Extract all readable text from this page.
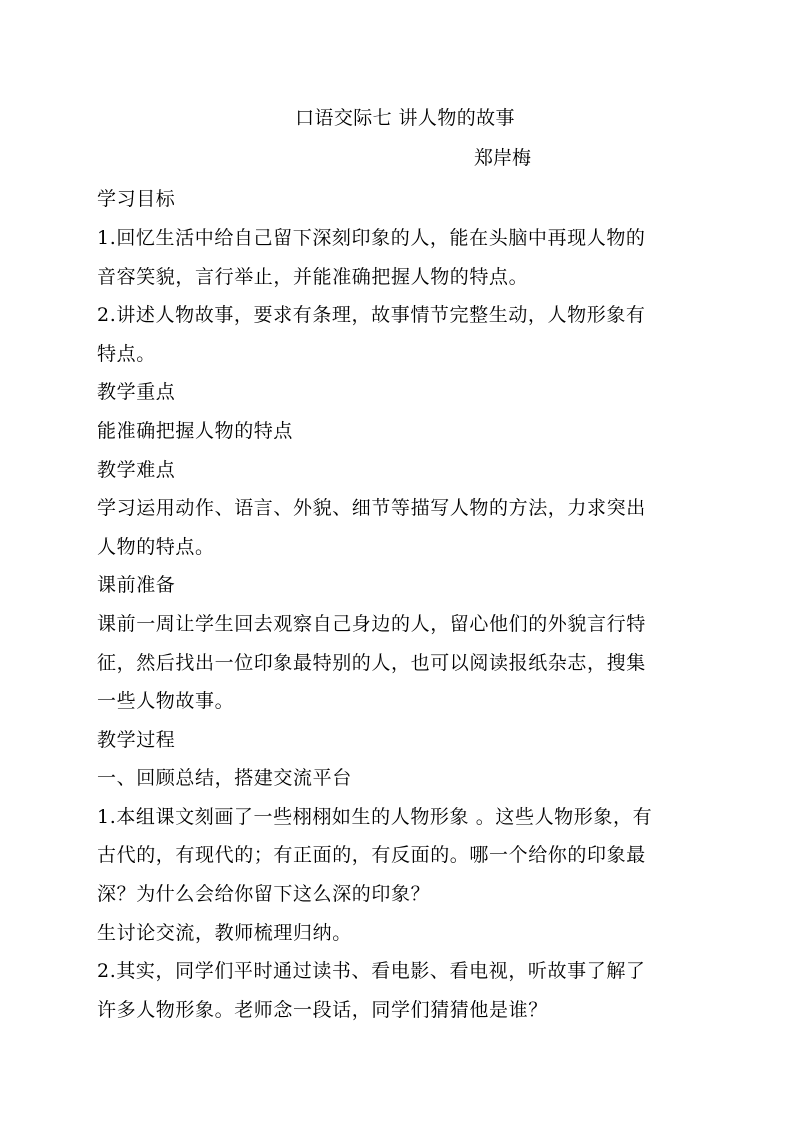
口语交际七 讲人物的故事
郑岸梅
学习目标
1.回忆生活中给自己留下深刻印象的人，能在头脑中再现人物的
音容笑貌，言行举止，并能准确把握人物的特点。
2.讲述人物故事，要求有条理，故事情节完整生动，人物形象有
特点。
教学重点
能准确把握人物的特点
教学难点
学习运用动作、语言、外貌、细节等描写人物的方法，力求突出
人物的特点。
课前准备
课前一周让学生回去观察自己身边的人，留心他们的外貌言行特
征，然后找出一位印象最特别的人，也可以阅读报纸杂志，搜集
一些人物故事。
教学过程
一、回顾总结，搭建交流平台
1.本组课文刻画了一些栩栩如生的人物形象 。这些人物形象，有
古代的，有现代的；有正面的，有反面的。哪一个给你的印象最
深？为什么会给你留下这么深的印象？
生讨论交流，教师梳理归纳。
2.其实，同学们平时通过读书、看电影、看电视，听故事了解了
许多人物形象。老师念一段话，同学们猜猜他是谁？
